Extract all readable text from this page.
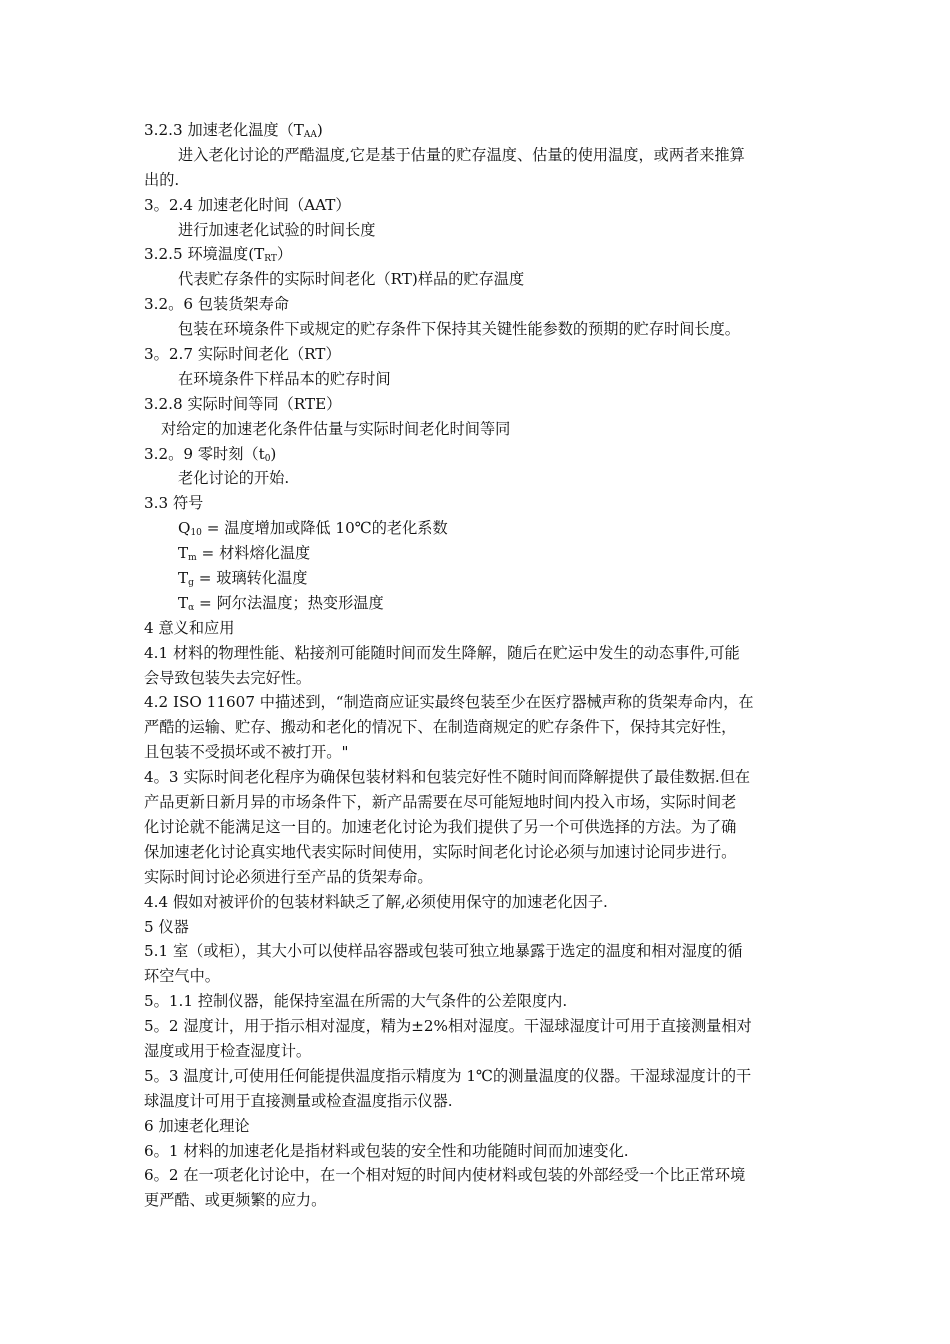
3.2.3 加速老化温度$(T_{AA})$
进入老化讨论的严酷温度,它是基于估量的贮存温度、估量的使用温度，或两者来推算
出的.
3。2.4 加速老化时间（AAT）
进行加速老化试验的时间长度
3.2.5 环境温度$(T_{RT})$
代表贮存条件的实际时间老化（RT)样品的贮存温度
3.2。6 包装货架寿命
包装在环境条件下或规定的贮存条件下保持其关键性能参数的预期的贮存时间长度。
3。2.7 实际时间老化（RT）
在环境条件下样品本的贮存时间
3.2.8 实际时间等同（RTE）
对给定的加速老化条件估量与实际时间老化时间等同
3.2。9 零时刻$(t_0)$
老化讨论的开始.
3.3 符号
$Q_{10}$ = 温度增加或降低 10℃的老化系数
$T_m$ = 材料熔化温度
$T_g$ = 玻璃转化温度
$T_\alpha$ = 阿尔法温度；热变形温度
4 意义和应用
4.1 材料的物理性能、粘接剂可能随时间而发生降解，随后在贮运中发生的动态事件,可能
会导致包装失去完好性。
4.2 ISO 11607 中描述到，“制造商应证实最终包装至少在医疗器械声称的货架寿命内，在
严酷的运输、贮存、搬动和老化的情况下、在制造商规定的贮存条件下，保持其完好性，
且包装不受损坏或不被打开。"
4。3 实际时间老化程序为确保包装材料和包装完好性不随时间而降解提供了最佳数据.但在
产品更新日新月异的市场条件下，新产品需要在尽可能短地时间内投入市场，实际时间老
化讨论就不能满足这一目的。加速老化讨论为我们提供了另一个可供选择的方法。为了确
保加速老化讨论真实地代表实际时间使用，实际时间老化讨论必须与加速讨论同步进行。
实际时间讨论必须进行至产品的货架寿命。
4.4 假如对被评价的包装材料缺乏了解,必须使用保守的加速老化因子.
5 仪器
5.1 室（或柜），其大小可以使样品容器或包装可独立地暴露于选定的温度和相对湿度的循
环空气中。
5。1.1 控制仪器，能保持室温在所需的大气条件的公差限度内.
5。2 湿度计，用于指示相对湿度，精为±2%相对湿度。干湿球湿度计可用于直接测量相对
湿度或用于检查湿度计。
5。3 温度计,可使用任何能提供温度指示精度为 1℃的测量温度的仪器。干湿球湿度计的干
球温度计可用于直接测量或检查温度指示仪器.
6 加速老化理论
6。1 材料的加速老化是指材料或包装的安全性和功能随时间而加速变化.
6。2 在一项老化讨论中，在一个相对短的时间内使材料或包装的外部经受一个比正常环境
更严酷、或更频繁的应力。
